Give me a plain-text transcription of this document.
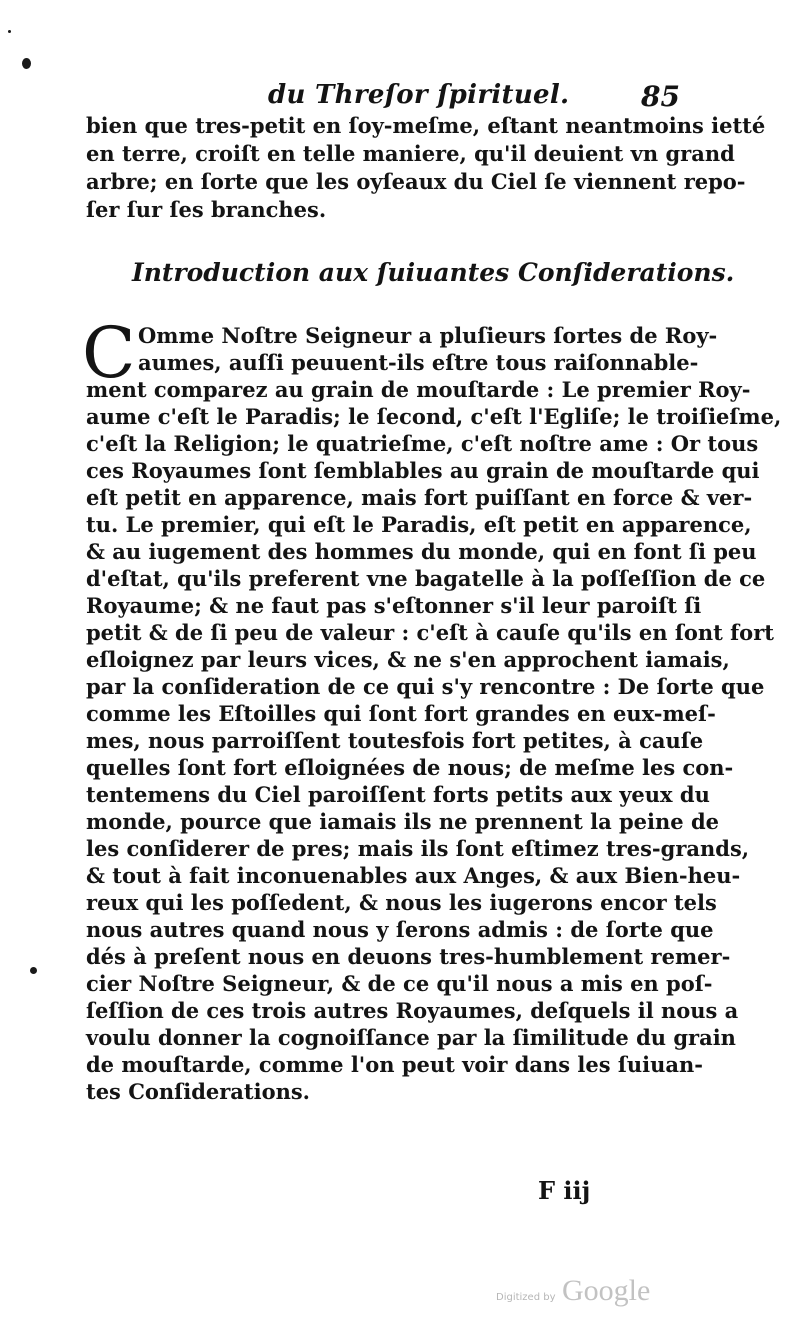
du Threſor ſpirituel.	85
bien que tres-petit en ſoy-meſme, eſtant neantmoins ietté
en terre, croiſt en telle maniere, qu'il deuient vn grand
arbre; en ſorte que les oyſeaux du Ciel ſe viennent repo-
ſer ſur ſes branches.
Introduction aux ſuiuantes Conſiderations.
C Omme Noſtre Seigneur a pluſieurs ſortes de Roy-
aumes, auſſi peuuent-ils eſtre tous raiſonnable-
ment comparez au grain de mouſtarde : Le premier Roy-
aume c'eſt le Paradis; le ſecond, c'eſt l'Egliſe; le troiſieſme,
c'eſt la Religion; le quatrieſme, c'eſt noſtre ame : Or tous
ces Royaumes ſont ſemblables au grain de mouſtarde qui
eſt petit en apparence, mais fort puiſſant en force & ver-
tu. Le premier, qui eſt le Paradis, eſt petit en apparence,
& au iugement des hommes du monde, qui en font ſi peu
d'eſtat, qu'ils preferent vne bagatelle à la poſſeſſion de ce
Royaume; & ne faut pas s'eſtonner s'il leur paroiſt ſi
petit & de ſi peu de valeur : c'eſt à cauſe qu'ils en ſont fort
eſloignez par leurs vices, & ne s'en approchent iamais,
par la conſideration de ce qui s'y rencontre : De ſorte que
comme les Eſtoilles qui ſont fort grandes en eux-meſ-
mes, nous parroiſſent toutesfois fort petites, à cauſe
quelles ſont fort eſloignées de nous; de meſme les con-
tentemens du Ciel paroiſſent forts petits aux yeux du
monde, pource que iamais ils ne prennent la peine de
les conſiderer de pres; mais ils ſont eſtimez tres-grands,
& tout à fait inconuenables aux Anges, & aux Bien-heu-
reux qui les poſſedent, & nous les iugerons encor tels
nous autres quand nous y ſerons admis : de ſorte que
dés à preſent nous en deuons tres-humblement remer-
cier Noſtre Seigneur, & de ce qu'il nous a mis en poſ-
ſeſſion de ces trois autres Royaumes, deſquels il nous a
voulu donner la cognoiſſance par la ſimilitude du grain
de mouſtarde, comme l'on peut voir dans les ſuiuan-
tes Conſiderations.
F iij
Digitized by Google
